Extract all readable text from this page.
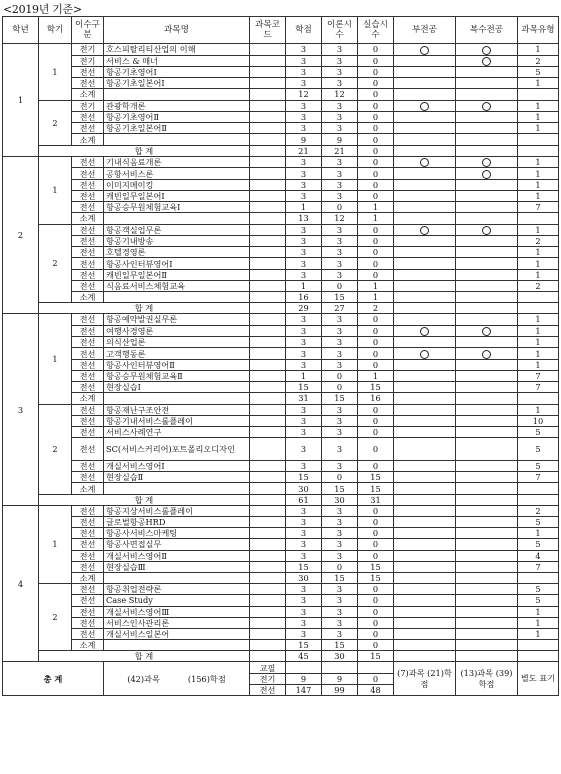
<2019년 기준>
학년	학기	이수구분	과목명	과목코드	학점	이론시수	실습시수	부전공	복수전공	과목유형
1	1	전기	호스피탈리티산업의 이해		3	3	0			1
		전기	서비스 & 매너		3	3	0			2
		전선	항공기초영어Ⅰ		3	3	0			5
		전선	항공기초일본어Ⅰ		3	3	0			1
		소계			12	12	0			
	2	전기	관광학개론		3	3	0			1
		전선	항공기초영어Ⅱ		3	3	0			1
		전선	항공기초일본어Ⅱ		3	3	0			1
		소계			9	9	0			
	합 계				21	21	0			
2	1	전선	기내식음료개론		3	3	0			1
		전선	공항서비스론		3	3	0			1
		전선	이미지메이킹		3	3	0			1
		전선	캐빈일무일본어Ⅰ		3	3	0			1
		전선	항공승무원체험교육Ⅰ		1	0	1			7
		소계			13	12	1			
	2	전선	항공객실업무론		3	3	0			1
		전선	항공기내방송		3	3	0			2
		전선	호텔경영론		3	3	0			1
		전선	항공사인터뷰영어Ⅰ		3	3	0			1
		전선	캐빈일무일본어Ⅱ		3	3	0			1
		전선	식음료서비스체험교육		1	0	1			2
		소계			16	15	1			
	합 계				29	27	2			
3	1	전선	항공예약발권실무론		3	3	0			1
		전선	여행사경영론		3	3	0			1
		전선	의식산업론		3	3	0			1
		전선	고객행동론		3	3	0			1
		전선	항공사인터뷰영어Ⅱ		3	3	0			1
		전선	항공승무원체험교육Ⅱ		1	0	1			7
		전선	현장실습Ⅰ		15	0	15			7
		소계			31	15	16			
	2	전선	항공재난구조안전		3	3	0			1
		전선	항공기내서비스롤플레이		3	3	0			10
		전선	서비스사례연구		3	3	0			5
		전선	SC(서비스커리어)포트폴리오디자인		3	3	0			5
		전선	개실서비스영어Ⅰ		3	3	0			5
		전선	현장실습Ⅱ		15	0	15			7
		소계			30	15	15			
	합 계				61	30	31			
4	1	전선	항공지상서비스롤플레이		3	3	0			2
		전선	글로벌항공HRD		3	3	0			5
		전선	항공사서비스마케팅		3	3	0			1
		전선	항공사면접실무		3	3	0			5
		전선	개실서비스영어Ⅱ		3	3	0			4
		전선	현장실습Ⅲ		15	0	15			7
		소계			30	15	15			
	2	전선	항공취업전략론		3	3	0			5
		전선	Case Study		3	3	0			5
		전선	개실서비스영어Ⅲ		3	3	0			1
		전선	서비스인사관리론		3	3	0			1
		전선	개실서비스일본어		3	3	0			1
		소계			15	15	0			
	합 계				45	30	15			
총 계			(42)과목 (156)학점	교필				(7)과목 (21)학점	(13)과목 (39)학점	별도 표기
				전기	9	9	0			
				전선	147	99	48			
